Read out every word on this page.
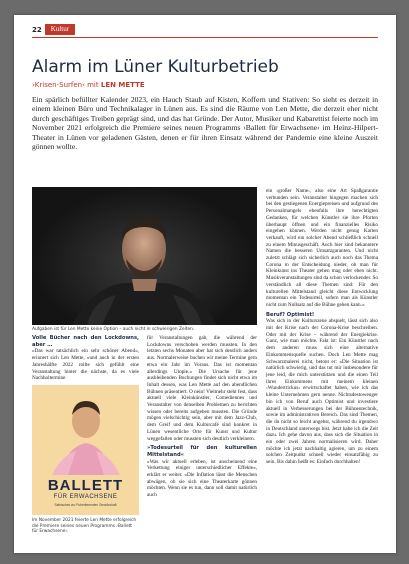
22	Kultur
Alarm im Lüner Kulturbetrieb
›Krisen-Surfen‹ mit LEN METTE

Ein spärlich befüllter Kalender 2023, ein Hauch Staub auf Kisten, Koffern und Stativen: So sieht es derzeit in einem kleinen Büro und Technikalager in Lünen aus. Es sind die Räume von Len Mette, die derzeit eher nicht durch geschäftiges Treiben geprägt sind, und das hat Gründe. Der Autor, Musiker und Kabarettist feierte noch im November 2021 erfolgreich die Premiere seines neuen Programms ›Ballett für Erwachsene‹ im Heinz-Hilpert-Theater in Lünen vor geladenen Gästen, denen er für ihren Einsatz während der Pandemie eine kleine Auszeit gönnen wollte.

Aufgaben ist für Len Mette keine Option – auch nicht in schwierigen Zeiten.
Volle Bücher nach den Lockdowns, aber …
»Das war tatsächlich ein sehr schöner Abend«, erinnert sich Len Mette, »und auch in der ersten Jahreshälfte 2022 rollte sich gefühlt eine Veranstaltung hinter die nächste, da es viele Nachholtermine
BALLETT
FÜR ERWACHSENE
Satirisches zur Pubertierenden Gesellschaft
Im November 2021 feierte Len Mette erfolgreich die Premiere seines neuen Programms ›Ballett für Erwachsene‹.
für Veranstaltungen gab, die während der Lockdowns verschoben werden mussten. In den letzten sechs Monaten aber hat sich deutlich anders aus. Normalerweise buchen wir meine Termine gern etwa ein Jahr im Voraus. Das ist momentan allerdings Utopie.« Die Ursache für jene ausbleibenden Buchungen findet sich nicht etwa im Inhalt dessen, was Len Mette auf den abendlichen Bühnen präsentiert. O nein! Vielmehr steht fest, dass aktuell viele Kleinkünstler, Comediennes und Veranstalter von denselben Problemen zu berichten wissen oder bereits aufgeben mussten. Die Gründe mögen vielschichtig sein, aber mit dem Jazz-Club, dem Greif und dem Kulturcafé sind konkret in Lünen wesentliche Orte für Kunst und Kultur weggefallen oder mussten sich deutlich verkleinern.
»Todesurteil für den kulturellen Mittelstand«
»Was wir aktuell erleben, ist anscheinend eine Verkettung einiger unterschiedlicher Effekte«, erklärt er weiter. »Die Inflation lässt die Menschen abwägen, ob sie sich eine Theaterkarte gönnen möchten. Wenn sie es tun, dann soll damit natürlich auch
ein ›großer Name‹, also eine Art Spaßgarantie verbunden sein. Veranstalter hingegen machen sich bei den gestiegenen Energiepreisen und aufgrund des Personalmangels ebenfalls ihre berechtigten Gedanken, für welchen Künstler sie ihre Pforten überhaupt öffnen und ein finanzielles Risiko eingehen können. Werden nicht genug Karten verkauft, wird ein solcher Abend schließlich schnell zu einem Minusgeschäft. Auch hier sind bekanntere Namen die besseren Umsatzgaranten. Und nicht zuletzt schlägt sich sicherlich auch noch das Thema Corona in der Entscheidung nieder, ob man für Kleinkunst ins Theater gehen mag oder eben nicht. Musikveranstaltungen sind da schon verlockender. So verständlich all diese Themen sind: Für den kulturellen Mittelstand gleicht diese Entwicklung momentan ein Todesurteil, sofern man als Künstler nicht zum Nullsatz auf die Bühne gehen kann.«
Beruf? Optimist!
Was sich in der Kulturszene abspielt, lässt sich also mit der Krise nach der Corona-Krise beschreiben. Oder mit der Krise – während der Energiekrise. Ganz, wie man möchte. Fakt ist: Ein Künstler nach dem anderen muss sich eine alternative Einkommensquelle suchen. Doch Len Mette mag Schwarzmalerei nicht, betont er: »Die Situation ist natürlich schwierig, und das tut mir insbesondere für jene leid, die mich unterstützen und die einen Teil ihres Einkommens mit meinem kleinen ›Wundertrickus‹ erwirtschaftet haben, wie ich das kleine Unternehmen gern nenne. Nichtsdestowenger bin ich von Beruf auch Optimist und investiere aktuell in Verbesserungen bei der Bühnentechnik, sowie im administrativen Bereich. Das sind Themen, die du nicht so leicht angehst, während du irgendwo in Deutschland unterwegs bist. Jetzt habe ich die Zeit dazu. Ich gehe davon aus, dass sich die Situation in ein oder zwei Jahren normalisieren wird. Daher möchte ich jetzt nachhaltig agieren, um zu einem solchen Zeitpunkt schnell wieder einsatzfähig zu sein. Bis dahin heißt es: Einfach durchhalten!
